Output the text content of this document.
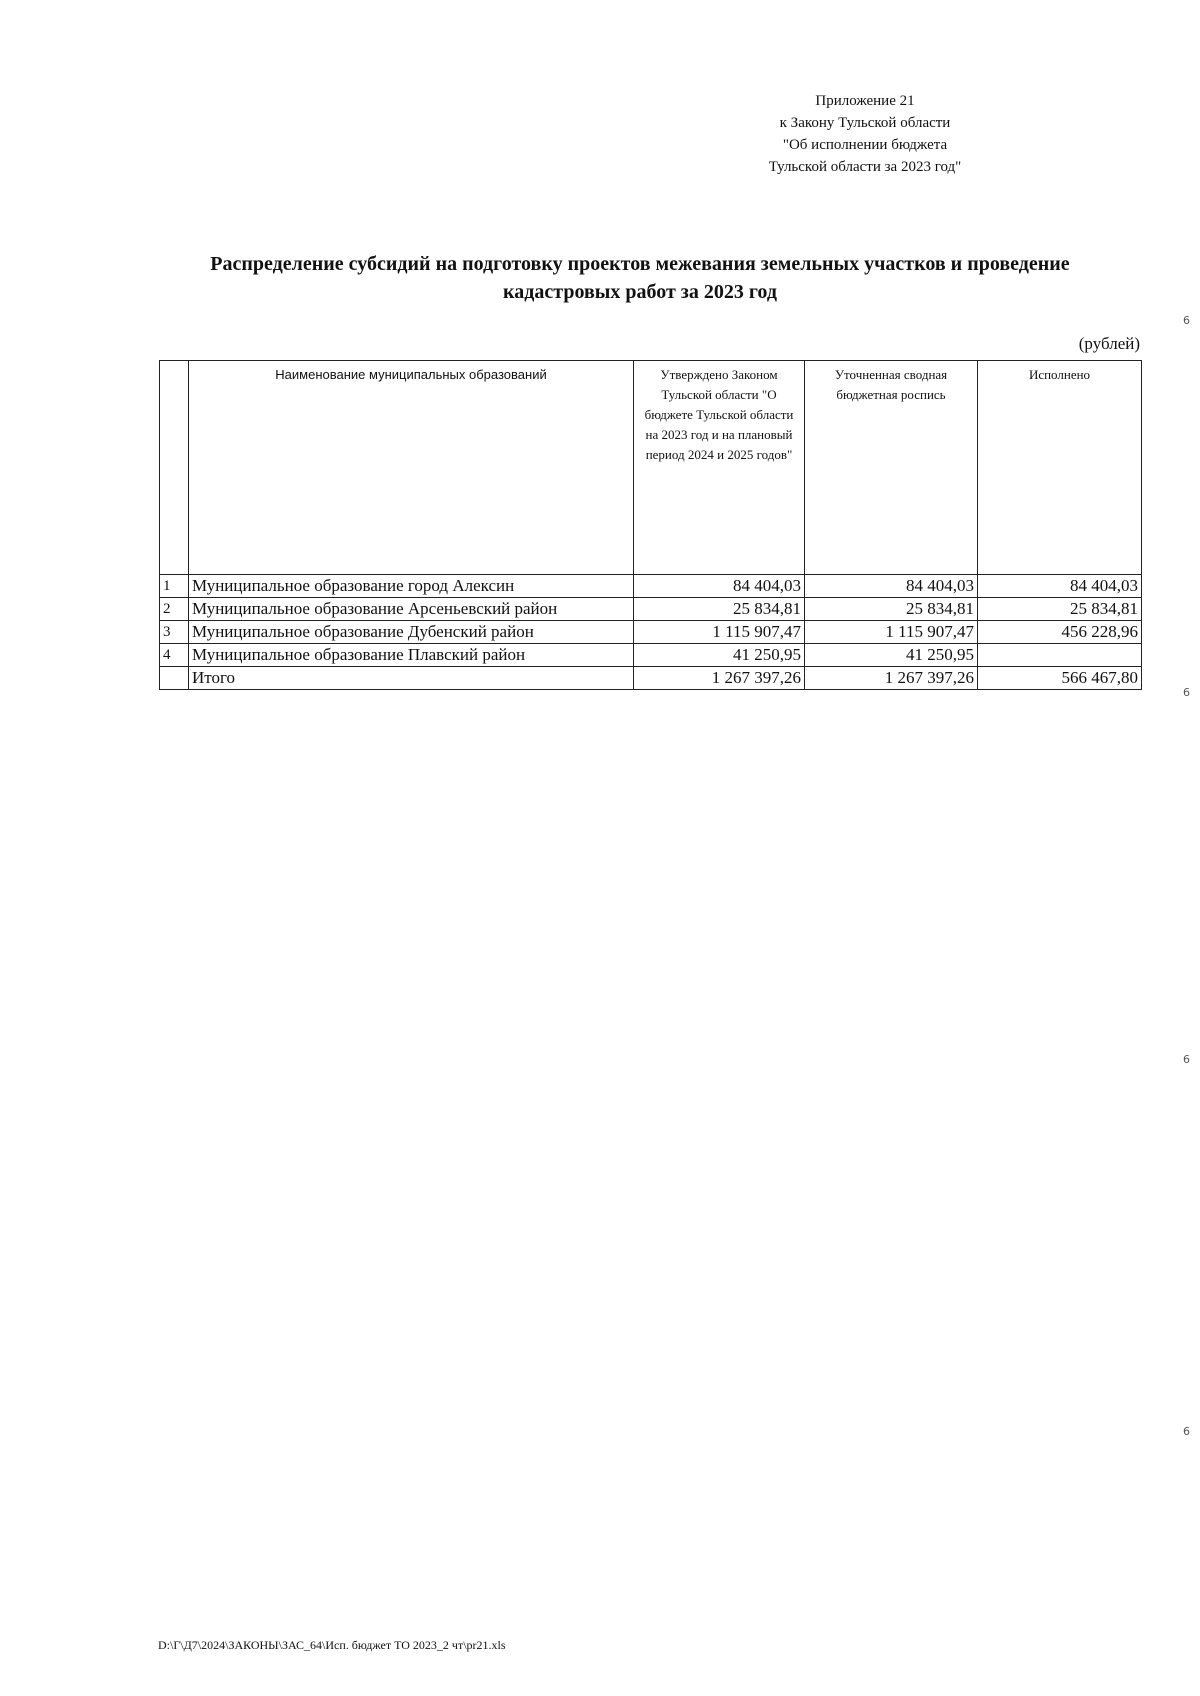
Приложение 21
к Закону Тульской области
"Об исполнении бюджета
Тульской области за 2023 год"
Распределение субсидий на подготовку проектов межевания земельных участков и проведение
кадастровых работ за 2023 год
(рублей)
	Наименование муниципальных образований	Утверждено Законом Тульской области "О бюджете Тульской области на 2023 год и на плановый период 2024 и 2025 годов"	Уточненная сводная бюджетная роспись	Исполнено
1	Муниципальное образование город Алексин	84 404,03	84 404,03	84 404,03
2	Муниципальное образование Арсеньевский район	25 834,81	25 834,81	25 834,81
3	Муниципальное образование Дубенский район	1 115 907,47	1 115 907,47	456 228,96
4	Муниципальное образование Плавский район	41 250,95	41 250,95	
	Итого	1 267 397,26	1 267 397,26	566 467,80
6
6
6
6
D:\Г\Д7\2024\ЗАКОНЫ\ЗАС_64\Исп. бюджет ТО 2023_2 чт\pr21.xls
